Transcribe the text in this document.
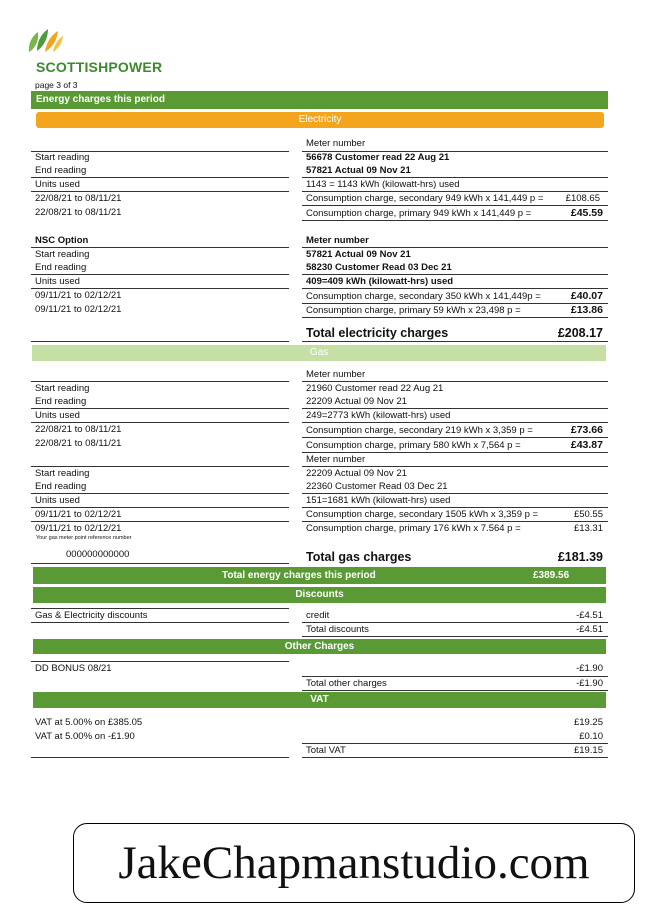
SCOTTISHPOWER
page 3 of 3
Energy charges this period
Electricity
Meter number
Start reading	56678 Customer read 22 Aug 21
End reading	57821 Actual 09 Nov 21
Units used	1143 = 1143 kWh (kilowatt-hrs) used
22/08/21 to 08/11/21	Consumption charge, secondary 949 kWh x 141,449 p = £108.65
22/08/21 to 08/11/21	Consumption charge, primary 949 kWh x 141,449 p =	£45.59
NSC Option	Meter number
Start reading	57821 Actual 09 Nov 21
End reading	58230 Customer Read 03 Dec 21
Units used	409=409 kWh (kilowatt-hrs) used
09/11/21 to 02/12/21	Consumption charge, secondary 350 kWh x 141,449p =	£40.07
09/11/21 to 02/12/21	Consumption charge, primary 59 kWh x 23,498 p =	£13.86
Total electricity charges	£208.17
Gas
Meter number
Start reading	21960 Customer read 22 Aug 21
End reading	22209 Actual 09 Nov 21
Units used	249=2773 kWh (kilowatt-hrs) used
22/08/21 to 08/11/21	Consumption charge, secondary 219 kWh x 3,359 p =	£73.66
22/08/21 to 08/11/21	Consumption charge, primary 580 kWh x 7,564 p =	£43.87
Meter number
Start reading	22209 Actual 09 Nov 21
End reading	22360 Customer Read 03 Dec 21
Units used	151=1681 kWh (kilowatt-hrs) used
09/11/21 to 02/12/21	Consumption charge, secondary 1505 kWh x 3,359 p =	£50.55
09/11/21 to 02/12/21	Consumption charge, primary 176 kWh x 7.564 p =	£13.31
Your gas meter point reference number
000000000000	Total gas charges	£181.39
Total energy charges this period	£389.56
Discounts
Gas & Electricity discounts	credit	-£4.51
Total discounts	-£4.51
Other Charges
DD BONUS 08/21	-£1.90
Total other charges	-£1.90
VAT
VAT at 5.00% on £385.05	£19.25
VAT at 5.00% on -£1.90	£0.10
Total VAT	£19.15
JakeChapmanstudio.com
